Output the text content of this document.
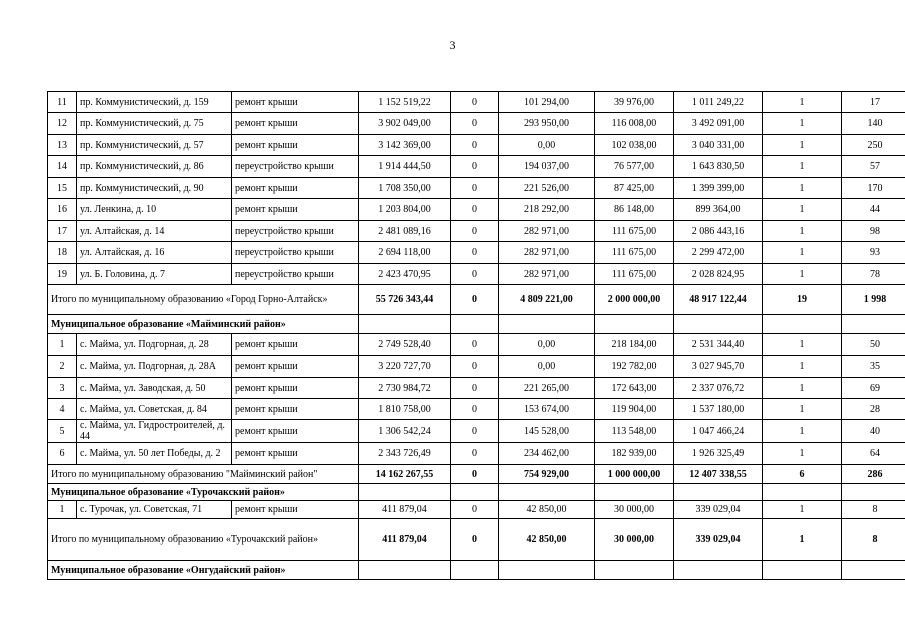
3
11	пр. Коммунистический, д. 159	ремонт крыши	1 152 519,22	0	101 294,00	39 976,00	1 011 249,22	1	17
12	пр. Коммунистический, д. 75	ремонт крыши	3 902 049,00	0	293 950,00	116 008,00	3 492 091,00	1	140
13	пр. Коммунистический, д. 57	ремонт крыши	3 142 369,00	0	0,00	102 038,00	3 040 331,00	1	250
14	пр. Коммунистический, д. 86	переустройство крыши	1 914 444,50	0	194 037,00	76 577,00	1 643 830,50	1	57
15	пр. Коммунистический, д. 90	ремонт крыши	1 708 350,00	0	221 526,00	87 425,00	1 399 399,00	1	170
16	ул. Ленкина, д. 10	ремонт крыши	1 203 804,00	0	218 292,00	86 148,00	899 364,00	1	44
17	ул. Алтайская, д. 14	переустройство крыши	2 481 089,16	0	282 971,00	111 675,00	2 086 443,16	1	98
18	ул. Алтайская, д. 16	переустройство крыши	2 694 118,00	0	282 971,00	111 675,00	2 299 472,00	1	93
19	ул. Б. Головина, д. 7	переустройство крыши	2 423 470,95	0	282 971,00	111 675,00	2 028 824,95	1	78
Итого по муниципальному образованию «Город Горно-Алтайск»			55 726 343,44	0	4 809 221,00	2 000 000,00	48 917 122,44	19	1 998
Муниципальное образование «Майминский район»									
1	с. Майма, ул. Подгорная, д. 28	ремонт крыши	2 749 528,40	0	0,00	218 184,00	2 531 344,40	1	50
2	с. Майма, ул. Подгорная, д. 28А	ремонт крыши	3 220 727,70	0	0,00	192 782,00	3 027 945,70	1	35
3	с. Майма, ул. Заводская, д. 50	ремонт крыши	2 730 984,72	0	221 265,00	172 643,00	2 337 076,72	1	69
4	с. Майма, ул. Советская, д. 84	ремонт крыши	1 810 758,00	0	153 674,00	119 904,00	1 537 180,00	1	28
5	с. Майма, ул. Гидростроителей, д. 44	ремонт крыши	1 306 542,24	0	145 528,00	113 548,00	1 047 466,24	1	40
6	с. Майма, ул. 50 лет Победы, д. 2	ремонт крыши	2 343 726,49	0	234 462,00	182 939,00	1 926 325,49	1	64
Итого по муниципальному образованию "Майминский район"			14 162 267,55	0	754 929,00	1 000 000,00	12 407 338,55	6	286
Муниципальное образование «Турочакский район»									
1	с. Турочак, ул. Советская, 71	ремонт крыши	411 879,04	0	42 850,00	30 000,00	339 029,04	1	8
Итого по муниципальному образованию «Турочакский район»			411 879,04	0	42 850,00	30 000,00	339 029,04	1	8
Муниципальное образование «Онгудайский район»									
